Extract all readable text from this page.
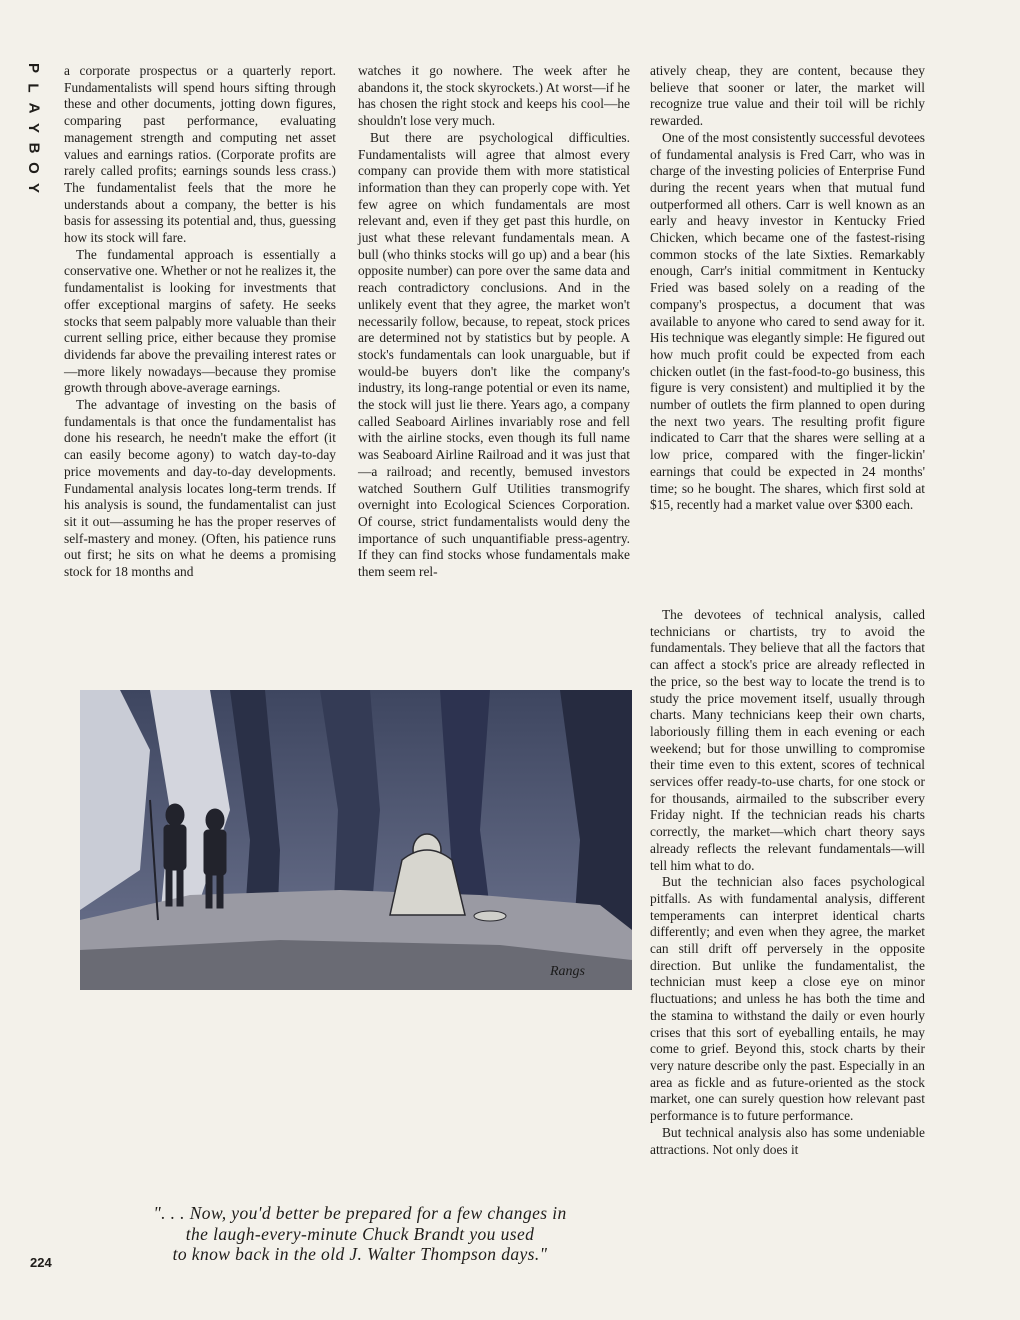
P
L
A
Y
B
O
Y

a corporate prospectus or a quarterly report. Fundamentalists will spend hours sifting through these and other documents, jotting down figures, comparing past performance, evaluating management strength and computing net asset values and earnings ratios. (Corporate profits are rarely called profits; earnings sounds less crass.) The fundamentalist feels that the more he understands about a company, the better is his basis for assessing its potential and, thus, guessing how its stock will fare.

The fundamental approach is essentially a conservative one. Whether or not he realizes it, the fundamentalist is looking for investments that offer exceptional margins of safety. He seeks stocks that seem palpably more valuable than their current selling price, either because they promise dividends far above the prevailing interest rates or—more likely nowadays—because they promise growth through above-average earnings.

The advantage of investing on the basis of fundamentals is that once the fundamentalist has done his research, he needn't make the effort (it can easily become agony) to watch day-to-day price movements and day-to-day developments. Fundamental analysis locates long-term trends. If his analysis is sound, the fundamentalist can just sit it out—assuming he has the proper reserves of self-mastery and money. (Often, his patience runs out first; he sits on what he deems a promising stock for 18 months and

watches it go nowhere. The week after he abandons it, the stock skyrockets.) At worst—if he has chosen the right stock and keeps his cool—he shouldn't lose very much.

But there are psychological difficulties. Fundamentalists will agree that almost every company can provide them with more statistical information than they can properly cope with. Yet few agree on which fundamentals are most relevant and, even if they get past this hurdle, on just what these relevant fundamentals mean. A bull (who thinks stocks will go up) and a bear (his opposite number) can pore over the same data and reach contradictory conclusions. And in the unlikely event that they agree, the market won't necessarily follow, because, to repeat, stock prices are determined not by statistics but by people. A stock's fundamentals can look unarguable, but if would-be buyers don't like the company's industry, its long-range potential or even its name, the stock will just lie there. Years ago, a company called Seaboard Airlines invariably rose and fell with the airline stocks, even though its full name was Seaboard Airline Railroad and it was just that—a railroad; and recently, bemused investors watched Southern Gulf Utilities transmogrify overnight into Ecological Sciences Corporation. Of course, strict fundamentalists would deny the importance of such unquantifiable press-agentry. If they can find stocks whose fundamentals make them seem rel-

atively cheap, they are content, because they believe that sooner or later, the market will recognize true value and their toil will be richly rewarded.

One of the most consistently successful devotees of fundamental analysis is Fred Carr, who was in charge of the investing policies of Enterprise Fund during the recent years when that mutual fund outperformed all others. Carr is well known as an early and heavy investor in Kentucky Fried Chicken, which became one of the fastest-rising common stocks of the late Sixties. Remarkably enough, Carr's initial commitment in Kentucky Fried was based solely on a reading of the company's prospectus, a document that was available to anyone who cared to send away for it. His technique was elegantly simple: He figured out how much profit could be expected from each chicken outlet (in the fast-food-to-go business, this figure is very consistent) and multiplied it by the number of outlets the firm planned to open during the next two years. The resulting profit figure indicated to Carr that the shares were selling at a low price, compared with the finger-lickin' earnings that could be expected in 24 months' time; so he bought. The shares, which first sold at $15, recently had a market value over $300 each.

The devotees of technical analysis, called technicians or chartists, try to avoid the fundamentals. They believe that all the factors that can affect a stock's price are already reflected in the price, so the best way to locate the trend is to study the price movement itself, usually through charts. Many technicians keep their own charts, laboriously filling them in each evening or each weekend; but for those unwilling to compromise their time even to this extent, scores of technical services offer ready-to-use charts, for one stock or for thousands, airmailed to the subscriber every Friday night. If the technician reads his charts correctly, the market—which chart theory says already reflects the relevant fundamentals—will tell him what to do.

But the technician also faces psychological pitfalls. As with fundamental analysis, different temperaments can interpret identical charts differently; and even when they agree, the market can still drift off perversely in the opposite direction. But unlike the fundamentalist, the technician must keep a close eye on minor fluctuations; and unless he has both the time and the stamina to withstand the daily or even hourly crises that this sort of eyeballing entails, he may come to grief. Beyond this, stock charts by their very nature describe only the past. Especially in an area as fickle and as future-oriented as the stock market, one can surely question how relevant past performance is to future performance.

But technical analysis also has some undeniable attractions. Not only does it

Rangs
". . . Now, you'd better be prepared for a few changes in
the laugh-every-minute Chuck Brandt you used
to know back in the old J. Walter Thompson days."
224
